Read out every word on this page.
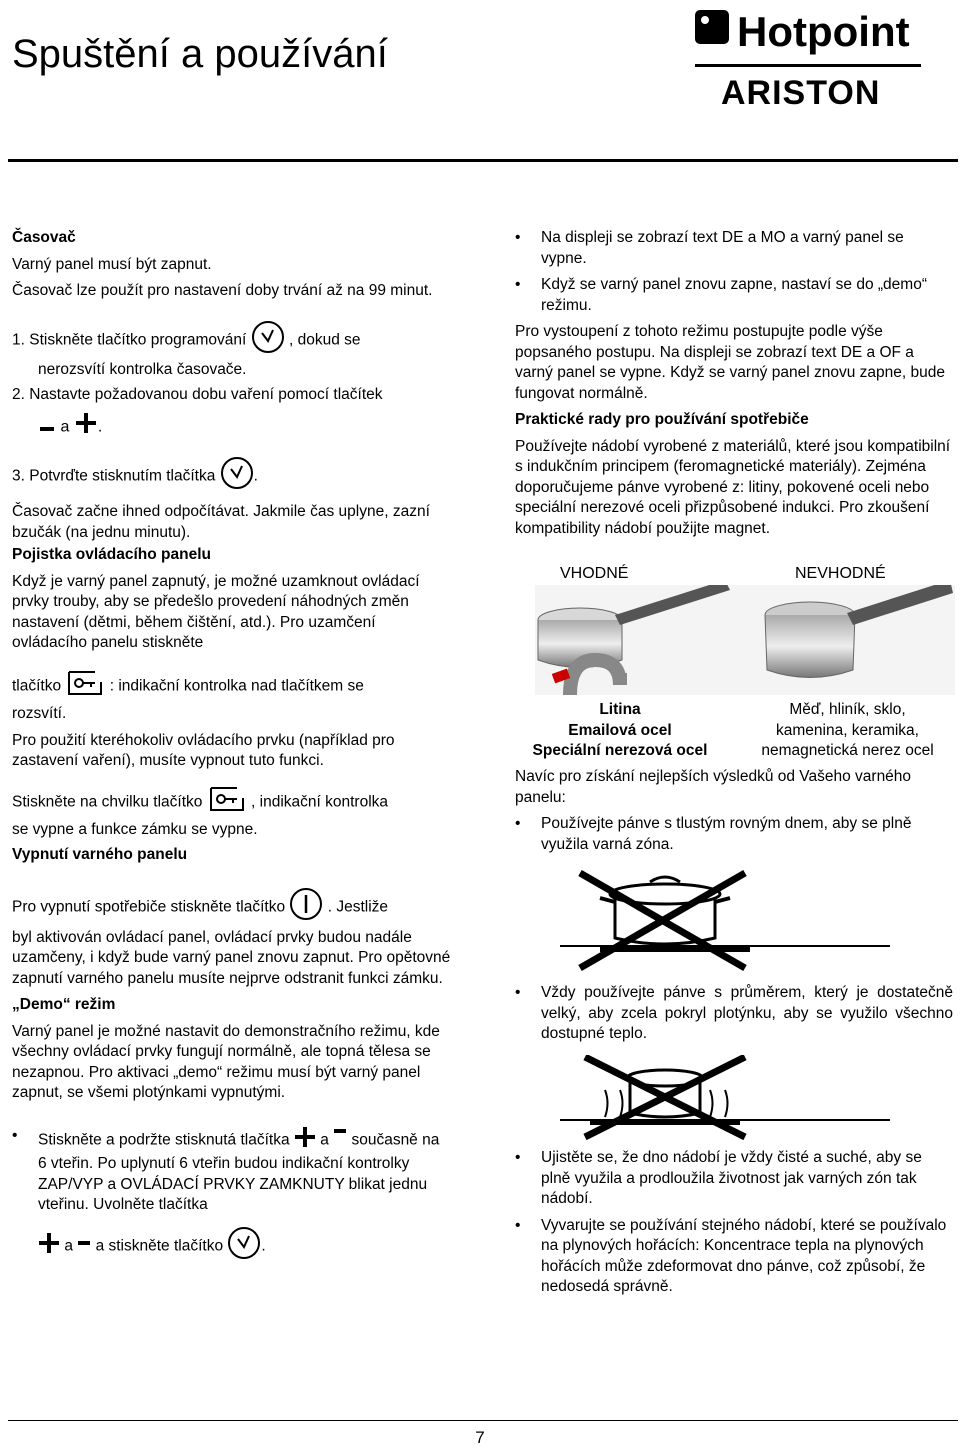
Spuštění a používání	Hotpoint
ARISTON

Časovač

Varný panel musí být zapnut.

Časovač lze použít pro nastavení doby trvání až na 99 minut.

1. Stiskněte tlačítko programování	, dokud se

nerozsvítí kontrolka časovače.

2. Nastavte požadovanou dobu vaření pomocí tlačítek

a .

3. Potvrďte stisknutím tlačítka .

Časovač začne ihned odpočítávat. Jakmile čas uplyne, zazní bzučák (na jednu minutu).

Pojistka ovládacího panelu

Když je varný panel zapnutý, je možné uzamknout ovládací prvky trouby, aby se předešlo provedení náhodných změn nastavení (dětmi, během čištění, atd.). Pro uzamčení ovládacího panelu stiskněte

tlačítko	: indikační kontrolka nad tlačítkem se

rozsvítí.

Pro použití kteréhokoliv ovládacího prvku (například pro zastavení vaření), musíte vypnout tuto funkci.

Stiskněte na chvilku tlačítko	, indikační kontrolka

se vypne a funkce zámku se vypne.

Vypnutí varného panelu

Pro vypnutí spotřebiče stiskněte tlačítko	. Jestliže

byl aktivován ovládací panel, ovládací prvky budou nadále uzamčeny, i když bude varný panel znovu zapnut. Pro opětovné zapnutí varného panelu musíte nejprve odstranit funkci zámku.

„Demo“ režim

Varný panel je možné nastavit do demonstračního režimu, kde všechny ovládací prvky fungují normálně, ale topná tělesa se nezapnou. Pro aktivaci „demo“ režimu musí být varný panel zapnut, se všemi plotýnkami vypnutými.

• Stiskněte a podržte stisknutá tlačítka a současně na 6 vteřin. Po uplynutí 6 vteřin budou indikační kontrolky ZAP/VYP a OVLÁDACÍ PRVKY ZAMKNUTY blikat jednu vteřinu. Uvolněte tlačítka
a a stiskněte tlačítko .
• Na displeji se zobrazí text DE a MO a varný panel se vypne.
• Když se varný panel znovu zapne, nastaví se do „demo“ režimu.

Pro vystoupení z tohoto režimu postupujte podle výše popsaného postupu. Na displeji se zobrazí text DE a OF a varný panel se vypne. Když se varný panel znovu zapne, bude fungovat normálně.

Praktické rady pro používání spotřebiče

Používejte nádobí vyrobené z materiálů, které jsou kompatibilní s indukčním principem (feromagnetické materiály). Zejména doporučujeme pánve vyrobené z: litiny, pokovené oceli nebo speciální nerezové oceli přizpůsobené indukci. Pro zkoušení kompatibility nádobí použijte magnet.

VHODNÉ	NEVHODNÉ
Litina
Emailová ocel
Speciální nerezová ocel
Měď, hliník, sklo,
kamenina, keramika,
nemagnetická nerez ocel

Navíc pro získání nejlepších výsledků od Vašeho varného panelu:

• Používejte pánve s tlustým rovným dnem, aby se plně využila varná zóna.
• Vždy používejte pánve s průměrem, který je dostatečně velký, aby zcela pokryl plotýnku, aby se využilo všechno dostupné teplo.
• Ujistěte se, že dno nádobí je vždy čisté a suché, aby se plně využila a prodloužila životnost jak varných zón tak nádobí.
• Vyvarujte se používání stejného nádobí, které se používalo na plynových hořácích: Koncentrace tepla na plynových hořácích může zdeformovat dno pánve, což způsobí, že nedosedá správně.
7
